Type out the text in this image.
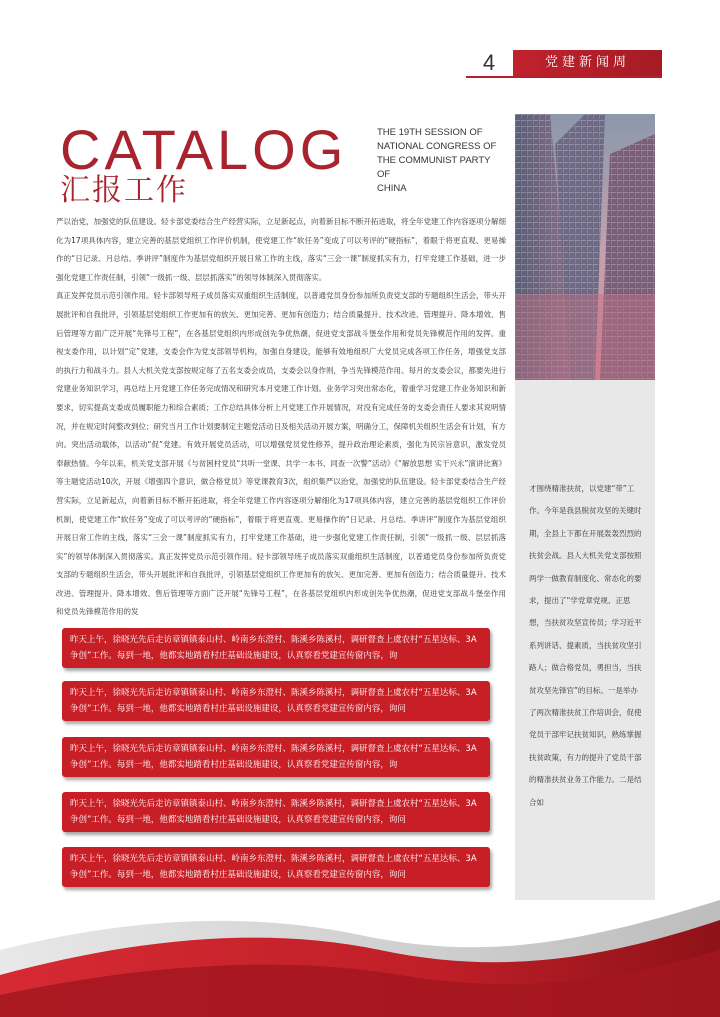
4	党建新闻周
CATALOG
汇报工作
THE 19TH SESSION OF
NATIONAL CONGRESS OF
THE COMMUNIST PARTY OF
CHINA
才围绕精准扶贫，以党建“带”工作。今年是我县脱贫攻坚的关键时期，全县上下都在开展轰轰烈烈的扶贫会战。县人大机关党支部按照两学一做教育制度化、常态化的要求，提出了“学党章党规、正思想，当扶贫攻坚宣传员；学习近平系列讲话、提素质，当扶贫攻坚引路人；做合格党员，勇担当，当扶贫攻坚先锋官”的目标。一是举办了两次精准扶贫工作培训会，促使党员干部牢记扶贫知识，熟练掌握扶贫政策，有力的提升了党员干部的精准扶贫业务工作能力。二是结合如

严以治党，加强党的队伍建设。轻卡部党委结合生产经营实际，立足新起点，向着新目标不断开拓进取，将全年党建工作内容逐项分解细化为17项具体内容，建立完善的基层党组织工作评价机制，使党建工作“软任务”变成了可以考评的“硬指标”，着眼于将更直观、更易操作的“日记录、月总结、季讲评”制度作为基层党组织开展日常工作的主线，落实“三会一课”制度抓实有力，打牢党建工作基础，进一步强化党建工作责任制，引领“一级抓一级、层层抓落实”的领导体制深入贯彻落实。

真正发挥党员示范引领作用。轻卡部领导班子成员落实双重组织生活制度，以普通党员身份参加所负责党支部的专题组织生活会，带头开展批评和自我批评，引领基层党组织工作更加有的放矢、更加完善、更加有创造力；结合质量提升、技术改进、管理提升、降本增效、售后管理等方面广泛开展“先锋号工程”，在各基层党组织内形成创先争优热潮，促进党支部战斗堡垒作用和党员先锋模范作用的发挥。重视支委作用，以计划“定”党建，支委会作为党支部领导机构，加强自身建设，能够有效地组织广大党员完成各项工作任务，增强党支部的执行力和战斗力。县人大机关党支部按规定每了五名支委会成员，支委会以身作则，争当先锋模范作用。每月的支委会议，都要先进行党建业务知识学习，再总结上月党建工作任务完成情况和研究本月党建工作计划。业务学习突出常态化，着重学习党建工作业务知识和新要求，切实提高支委成员履职能力和综合素质；工作总结具体分析上月党建工作开展情况，对没有完成任务的支委会责任人要求其说明情况，并在规定时间整改到位；研究当月工作计划要制定主题党活动日及相关活动开展方案，明确分工，保障机关组织生活会有计划，有方向。突出活动载体，以活动“促”党建。有效开展党员活动，可以增强党员党性修养，提升政治理论素质，强化为民宗旨意识，激发党员奉献热情。今年以来，机关党支部开展《与贫困村党员“共听一堂课、共学一本书、同查一次警”活动》《“解放思想 实干兴永”演讲比赛》等主题党活动10次，开展《增强四个意识，做合格党员》等党课教育3次，组织集严以治党，加强党的队伍建设。轻卡部党委结合生产经营实际，立足新起点，向着新目标不断开拓进取，将全年党建工作内容逐项分解细化为17项具体内容，建立完善的基层党组织工作评价机制，使党建工作“软任务”变成了可以考评的“硬指标”，着眼于将更直观、更易操作的“日记录、月总结、季讲评”制度作为基层党组织开展日常工作的主线，落实“三会一课”制度抓实有力，打牢党建工作基础，进一步强化党建工作责任制，引领“一级抓一级、层层抓落实”的领导体制深入贯彻落实。真正发挥党员示范引领作用。轻卡部领导班子成员落实双重组织生活制度，以普通党员身份参加所负责党支部的专题组织生活会，带头开展批评和自我批评，引领基层党组织工作更加有的放矢、更加完善、更加有创造力；结合质量提升、技术改进、管理提升、降本增效、售后管理等方面广泛开展“先锋号工程”，在各基层党组织内形成创先争优热潮，促进党支部战斗堡垒作用和党员先锋模范作用的发

昨天上午，徐晓光先后走访章镇镇泰山村、岭南乡东澄村、陈溪乡陈溪村，调研督查上虞农村“五星达标、3A争创”工作。每到一地，他都实地踏看村庄基础设施建设，认真察看党建宣传窗内容，询
昨天上午，徐晓光先后走访章镇镇泰山村、岭南乡东澄村、陈溪乡陈溪村，调研督查上虞农村“五星达标、3A争创”工作。每到一地，他都实地踏看村庄基础设施建设，认真察看党建宣传窗内容，询问
昨天上午，徐晓光先后走访章镇镇泰山村、岭南乡东澄村、陈溪乡陈溪村，调研督查上虞农村“五星达标、3A争创”工作。每到一地，他都实地踏看村庄基础设施建设，认真察看党建宣传窗内容，询
昨天上午，徐晓光先后走访章镇镇泰山村、岭南乡东澄村、陈溪乡陈溪村，调研督查上虞农村“五星达标、3A争创”工作。每到一地，他都实地踏看村庄基础设施建设，认真察看党建宣传窗内容，询问
昨天上午，徐晓光先后走访章镇镇泰山村、岭南乡东澄村、陈溪乡陈溪村，调研督查上虞农村“五星达标、3A争创”工作。每到一地，他都实地踏看村庄基础设施建设，认真察看党建宣传窗内容，询问
